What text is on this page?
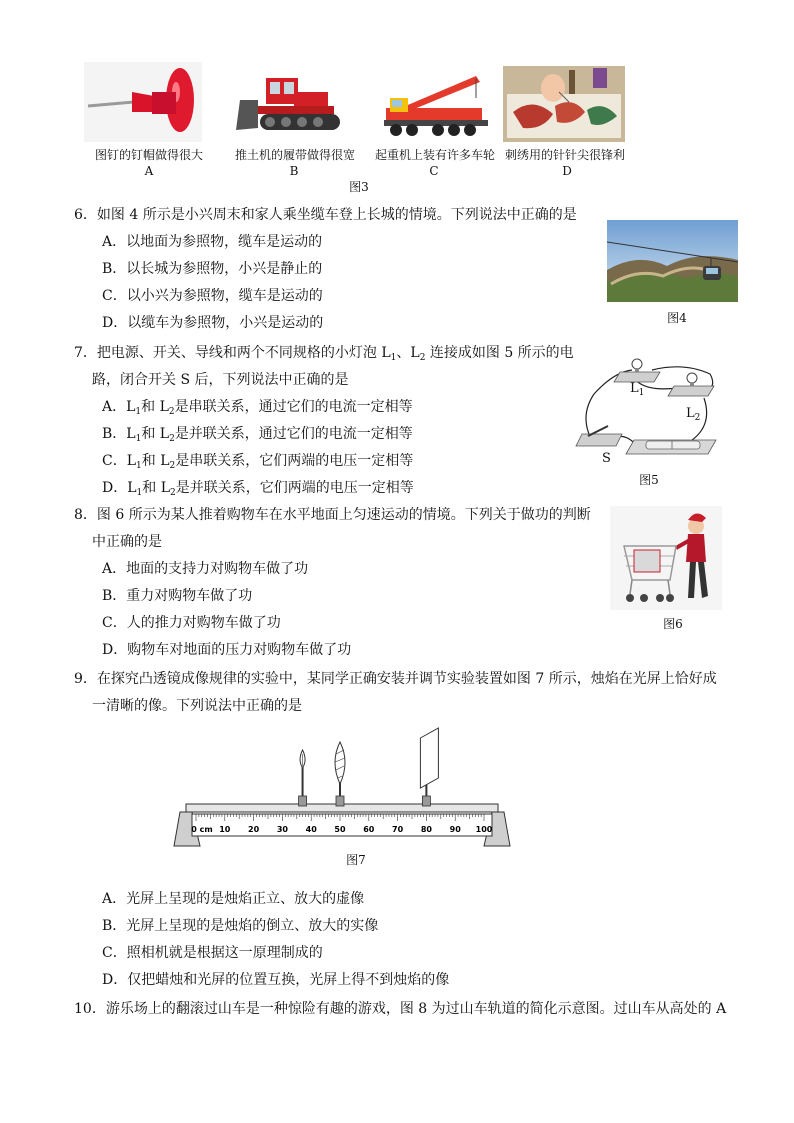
图钉的钉帽做得很大
A
推土机的履带做得很宽
B
起重机上装有许多车轮
C
刺绣用的针针尖很锋利
D
图3
6．如图 4 所示是小兴周末和家人乘坐缆车登上长城的情境。下列说法中正确的是
A．以地面为参照物，缆车是运动的
B．以长城为参照物，小兴是静止的
C．以小兴为参照物，缆车是运动的
D．以缆车为参照物，小兴是运动的	图4
7．把电源、开关、导线和两个不同规格的小灯泡 $L_1$、$L_2$ 连接成如图 5 所示的电
路，闭合开关 S 后，下列说法中正确的是
A．$L_1$和 $L_2$是串联关系，通过它们的电流一定相等
B．$L_1$和 $L_2$是并联关系，通过它们的电流一定相等
C．$L_1$和 $L_2$是串联关系，它们两端的电压一定相等
D．$L_1$和 $L_2$是并联关系，它们两端的电压一定相等
$L_1$
$L_2$
S
图5
8．图 6 所示为某人推着购物车在水平地面上匀速运动的情境。下列关于做功的判断
中正确的是
A．地面的支持力对购物车做了功
B．重力对购物车做了功
C．人的推力对购物车做了功
D．购物车对地面的压力对购物车做了功
图6
9．在探究凸透镜成像规律的实验中，某同学正确安装并调节实验装置如图 7 所示，烛焰在光屏上恰好成
一清晰的像。下列说法中正确的是
0 cm 10 20 30 40 50 60 70 80 90 100
图7
A．光屏上呈现的是烛焰正立、放大的虚像
B．光屏上呈现的是烛焰的倒立、放大的实像
C．照相机就是根据这一原理制成的
D．仅把蜡烛和光屏的位置互换，光屏上得不到烛焰的像
10．游乐场上的翻滚过山车是一种惊险有趣的游戏，图 8 为过山车轨道的简化示意图。过山车从高处的 A
